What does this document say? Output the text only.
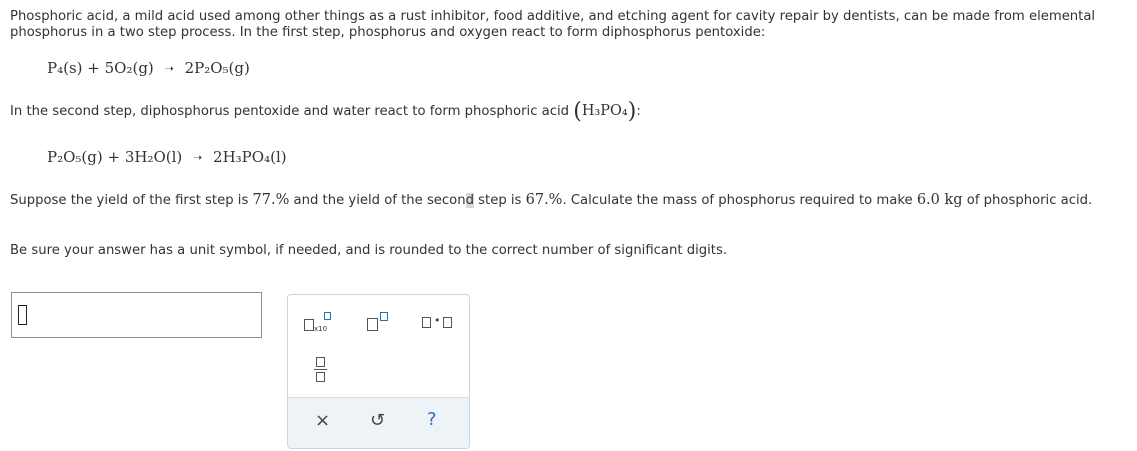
Phosphoric acid, a mild acid used among other things as a rust inhibitor, food additive, and etching agent for cavity repair by dentists, can be made from elemental phosphorus in a two step process. In the first step, phosphorus and oxygen react to form diphosphorus pentoxide:
P₄(s) + 5O₂(g) ➝ 2P₂O₅(g)
In the second step, diphosphorus pentoxide and water react to form phosphoric acid (H₃PO₄):
P₂O₅(g) + 3H₂O(l) ➝ 2H₃PO₄(l)
Suppose the yield of the first step is 77.% and the yield of the second step is 67.%. Calculate the mass of phosphorus required to make 6.0 kg of phosphoric acid.
Be sure your answer has a unit symbol, if needed, and is rounded to the correct number of significant digits.
x10
•
× ↺ ?
